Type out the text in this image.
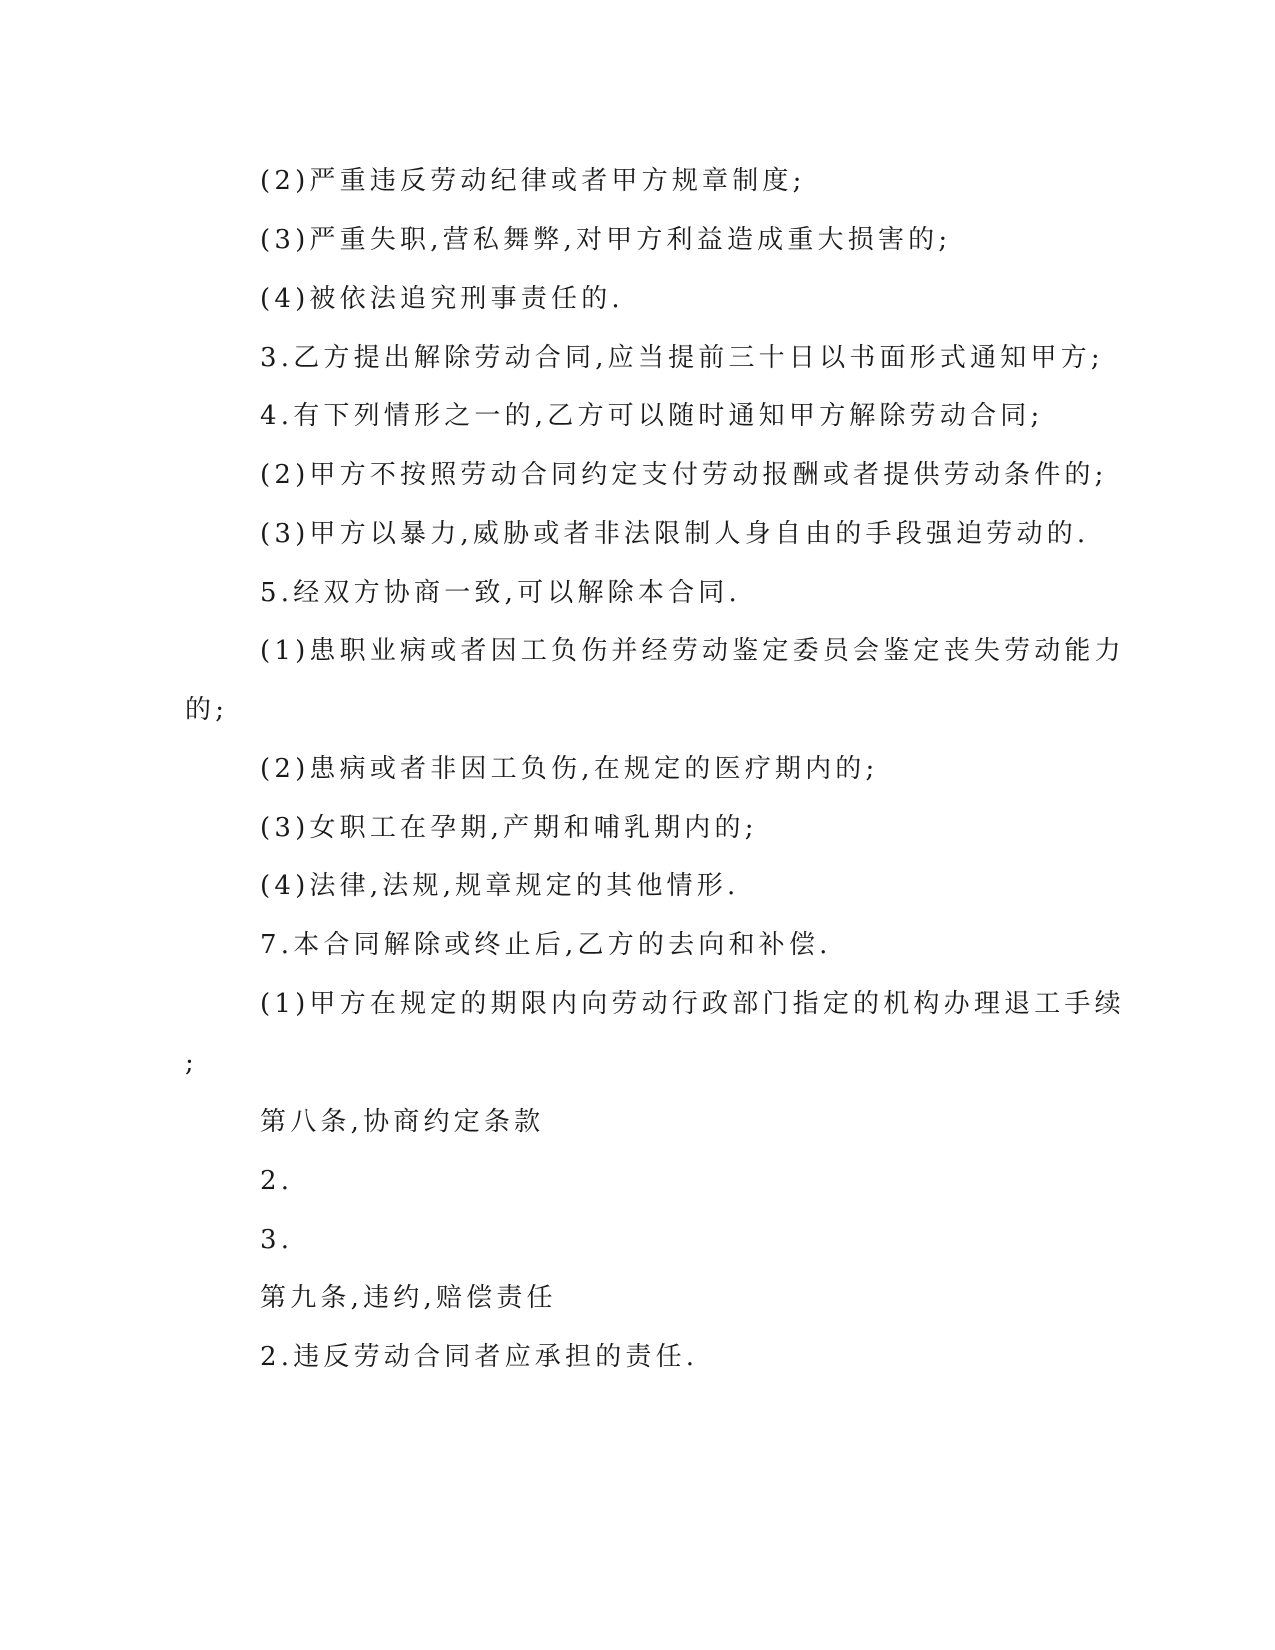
(2)严重违反劳动纪律或者甲方规章制度;
(3)严重失职,营私舞弊,对甲方利益造成重大损害的;
(4)被依法追究刑事责任的.
3.乙方提出解除劳动合同,应当提前三十日以书面形式通知甲方;
4.有下列情形之一的,乙方可以随时通知甲方解除劳动合同;
(2)甲方不按照劳动合同约定支付劳动报酬或者提供劳动条件的;
(3)甲方以暴力,威胁或者非法限制人身自由的手段强迫劳动的.
5.经双方协商一致,可以解除本合同.
(1)患职业病或者因工负伤并经劳动鉴定委员会鉴定丧失劳动能力
的;
(2)患病或者非因工负伤,在规定的医疗期内的;
(3)女职工在孕期,产期和哺乳期内的;
(4)法律,法规,规章规定的其他情形.
7.本合同解除或终止后,乙方的去向和补偿.
(1)甲方在规定的期限内向劳动行政部门指定的机构办理退工手续
;
第八条,协商约定条款
2.
3.
第九条,违约,赔偿责任
2.违反劳动合同者应承担的责任.
